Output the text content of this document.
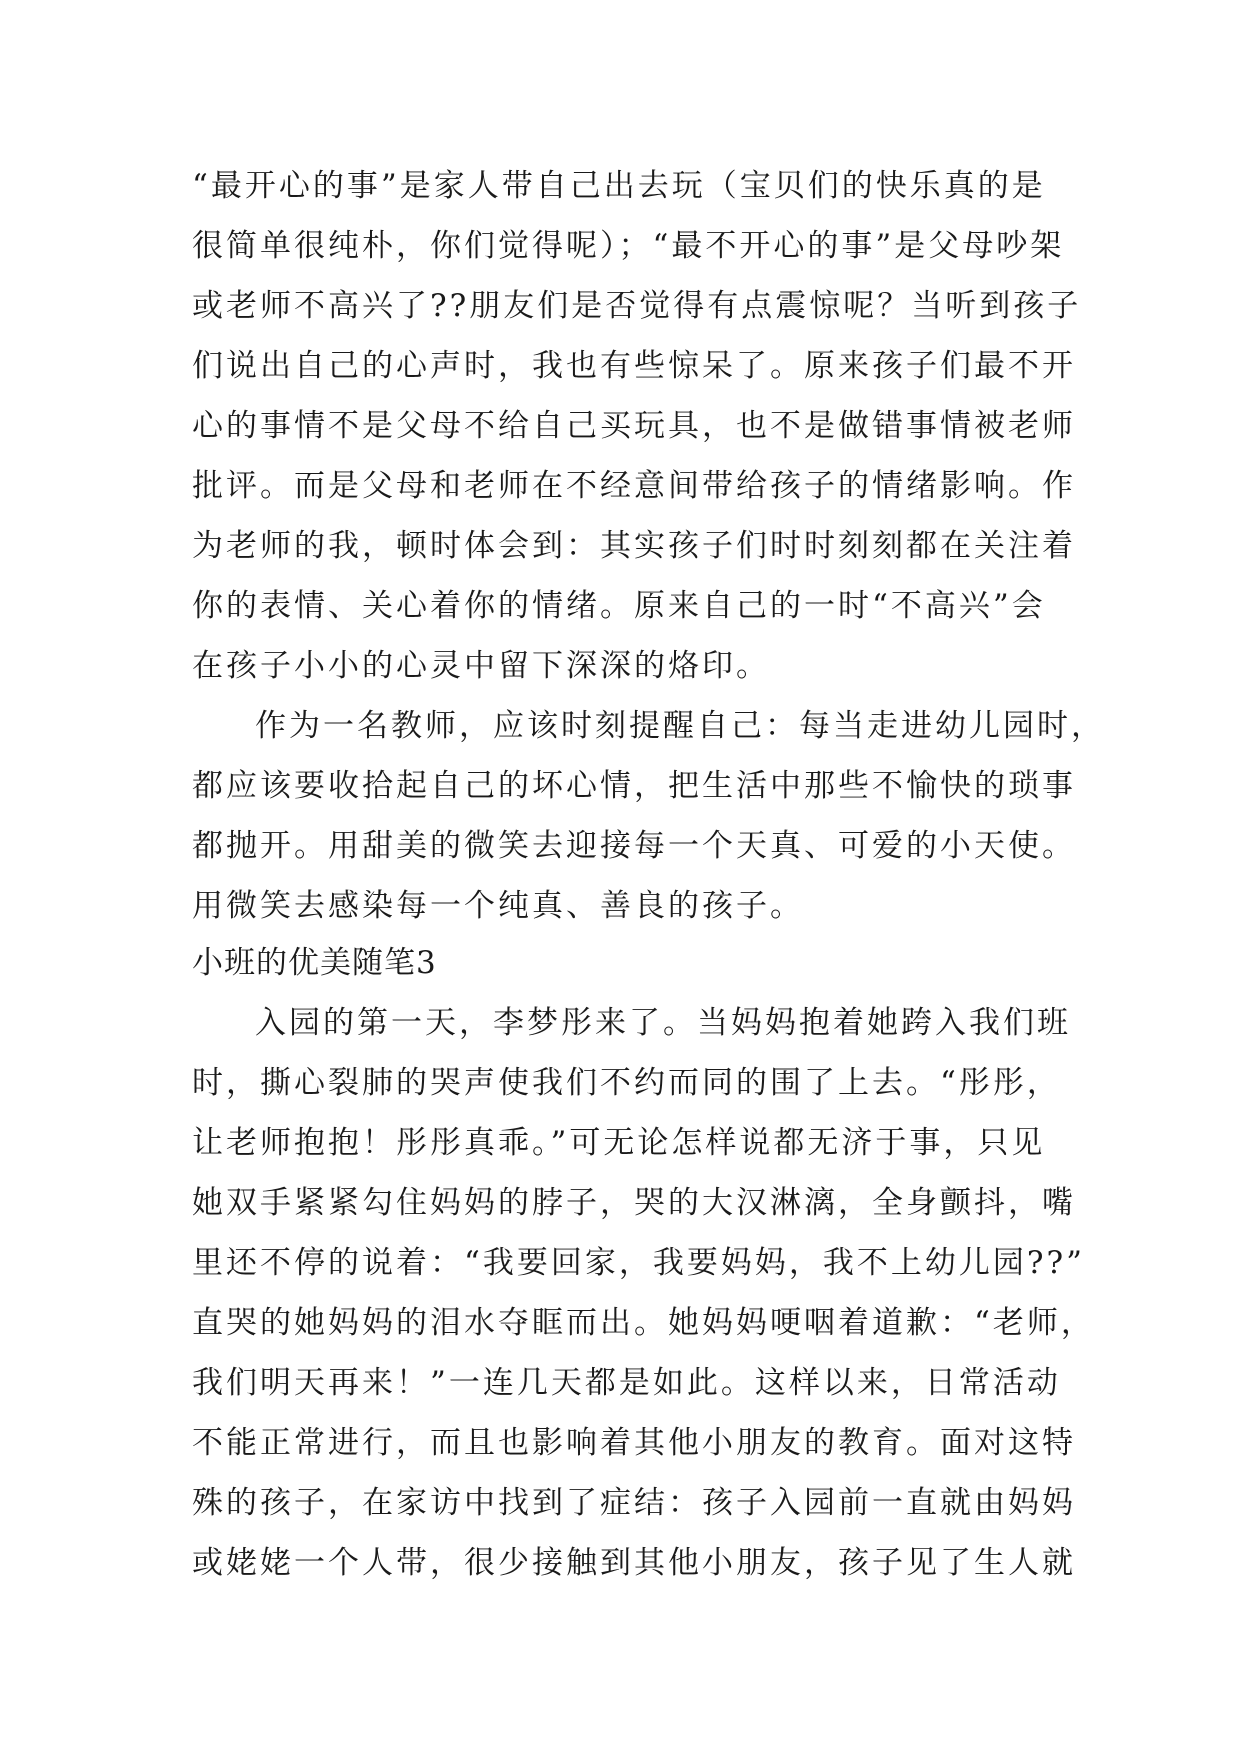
“最开心的事”是家人带自己出去玩（宝贝们的快乐真的是
很简单很纯朴，你们觉得呢）；“最不开心的事”是父母吵架
或老师不高兴了??朋友们是否觉得有点震惊呢？当听到孩子
们说出自己的心声时，我也有些惊呆了。原来孩子们最不开
心的事情不是父母不给自己买玩具，也不是做错事情被老师
批评。而是父母和老师在不经意间带给孩子的情绪影响。作
为老师的我，顿时体会到：其实孩子们时时刻刻都在关注着
你的表情、关心着你的情绪。原来自己的一时“不高兴”会
在孩子小小的心灵中留下深深的烙印。
作为一名教师，应该时刻提醒自己：每当走进幼儿园时，
都应该要收拾起自己的坏心情，把生活中那些不愉快的琐事
都抛开。用甜美的微笑去迎接每一个天真、可爱的小天使。
用微笑去感染每一个纯真、善良的孩子。
小班的优美随笔3
入园的第一天，李梦彤来了。当妈妈抱着她跨入我们班
时，撕心裂肺的哭声使我们不约而同的围了上去。“彤彤，
让老师抱抱！彤彤真乖。”可无论怎样说都无济于事，只见
她双手紧紧勾住妈妈的脖子，哭的大汉淋漓，全身颤抖，嘴
里还不停的说着：“我要回家，我要妈妈，我不上幼儿园??”
直哭的她妈妈的泪水夺眶而出。她妈妈哽咽着道歉：“老师，
我们明天再来！”一连几天都是如此。这样以来，日常活动
不能正常进行，而且也影响着其他小朋友的教育。面对这特
殊的孩子，在家访中找到了症结：孩子入园前一直就由妈妈
或姥姥一个人带，很少接触到其他小朋友，孩子见了生人就
